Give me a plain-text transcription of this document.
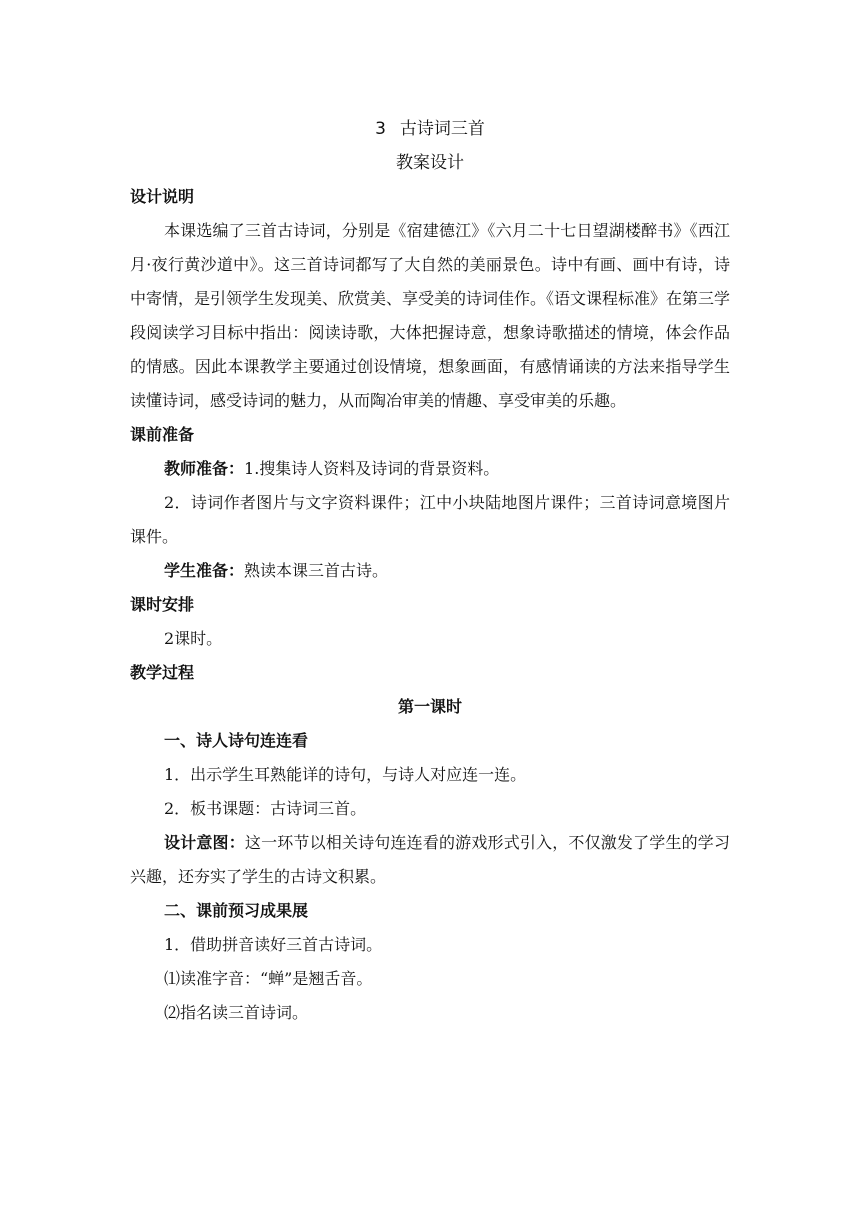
3 古诗词三首
教案设计
设计说明
本课选编了三首古诗词，分别是《宿建德江》《六月二十七日望湖楼醉书》《西江月·夜行黄沙道中》。这三首诗词都写了大自然的美丽景色。诗中有画、画中有诗，诗中寄情，是引领学生发现美、欣赏美、享受美的诗词佳作。《语文课程标准》在第三学段阅读学习目标中指出：阅读诗歌，大体把握诗意，想象诗歌描述的情境，体会作品的情感。因此本课教学主要通过创设情境，想象画面，有感情诵读的方法来指导学生读懂诗词，感受诗词的魅力，从而陶冶审美的情趣、享受审美的乐趣。
课前准备
教师准备：1.搜集诗人资料及诗词的背景资料。
2．诗词作者图片与文字资料课件；江中小块陆地图片课件；三首诗词意境图片课件。
学生准备：熟读本课三首古诗。
课时安排
2课时。
教学过程
第一课时
一、诗人诗句连连看
1．出示学生耳熟能详的诗句，与诗人对应连一连。
2．板书课题：古诗词三首。
设计意图：这一环节以相关诗句连连看的游戏形式引入，不仅激发了学生的学习兴趣，还夯实了学生的古诗文积累。
二、课前预习成果展
1．借助拼音读好三首古诗词。
⑴读准字音：“蝉”是翘舌音。
⑵指名读三首诗词。
